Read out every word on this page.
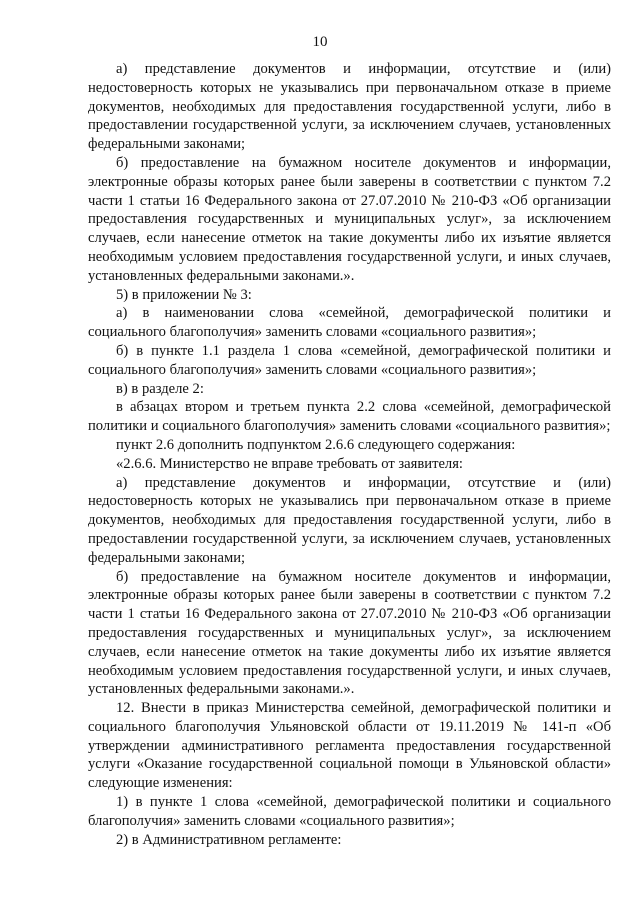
10

а) представление документов и информации, отсутствие и (или) недостоверность которых не указывались при первоначальном отказе в приеме документов, необходимых для предоставления государственной услуги, либо в предоставлении государственной услуги, за исключением случаев, установленных федеральными законами;

б) предоставление на бумажном носителе документов и информации, электронные образы которых ранее были заверены в соответствии с пунктом 7.2 части 1 статьи 16 Федерального закона от 27.07.2010 № 210-ФЗ «Об организации предоставления государственных и муниципальных услуг», за исключением случаев, если нанесение отметок на такие документы либо их изъятие является необходимым условием предоставления государственной услуги, и иных случаев, установленных федеральными законами.».

5) в приложении № 3:

а) в наименовании слова «семейной, демографической политики и социального благополучия» заменить словами «социального развития»;

б) в пункте 1.1 раздела 1 слова «семейной, демографической политики и социального благополучия» заменить словами «социального развития»;

в) в разделе 2:

в абзацах втором и третьем пункта 2.2 слова «семейной, демографической политики и социального благополучия» заменить словами «социального развития»;

пункт 2.6 дополнить подпунктом 2.6.6 следующего содержания:

«2.6.6. Министерство не вправе требовать от заявителя:

а) представление документов и информации, отсутствие и (или) недостоверность которых не указывались при первоначальном отказе в приеме документов, необходимых для предоставления государственной услуги, либо в предоставлении государственной услуги, за исключением случаев, установленных федеральными законами;

б) предоставление на бумажном носителе документов и информации, электронные образы которых ранее были заверены в соответствии с пунктом 7.2 части 1 статьи 16 Федерального закона от 27.07.2010 № 210-ФЗ «Об организации предоставления государственных и муниципальных услуг», за исключением случаев, если нанесение отметок на такие документы либо их изъятие является необходимым условием предоставления государственной услуги, и иных случаев, установленных федеральными законами.».

12. Внести в приказ Министерства семейной, демографической политики и социального благополучия Ульяновской области от 19.11.2019 № 141-п «Об утверждении административного регламента предоставления государственной услуги «Оказание государственной социальной помощи в Ульяновской области» следующие изменения:

1) в пункте 1 слова «семейной, демографической политики и социального благополучия» заменить словами «социального развития»;

2) в Административном регламенте:
